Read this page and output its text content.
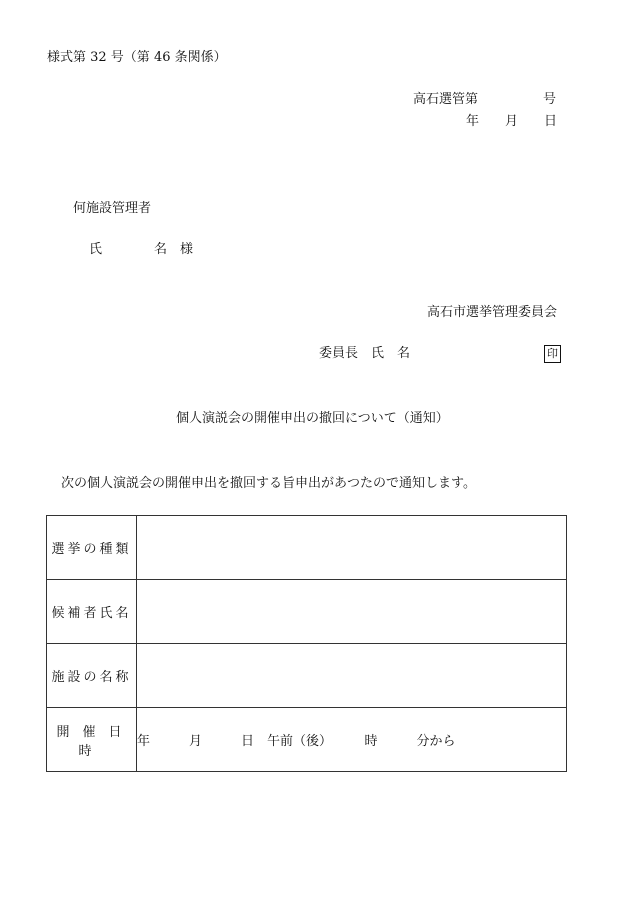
様式第 32 号（第 46 条関係）
高石選管第　　　　　号
年　　月　　日
何施設管理者
氏　　　　名　様
高石市選挙管理委員会
委員長　氏　名	印
個人演説会の開催申出の撤回について（通知）
次の個人演説会の開催申出を撤回する旨申出があつたので通知します。
選挙の種類	
候補者氏名	
施設の名称	
開催日時	年　　　月　　　日　午前（後）　　　時　　　分から
